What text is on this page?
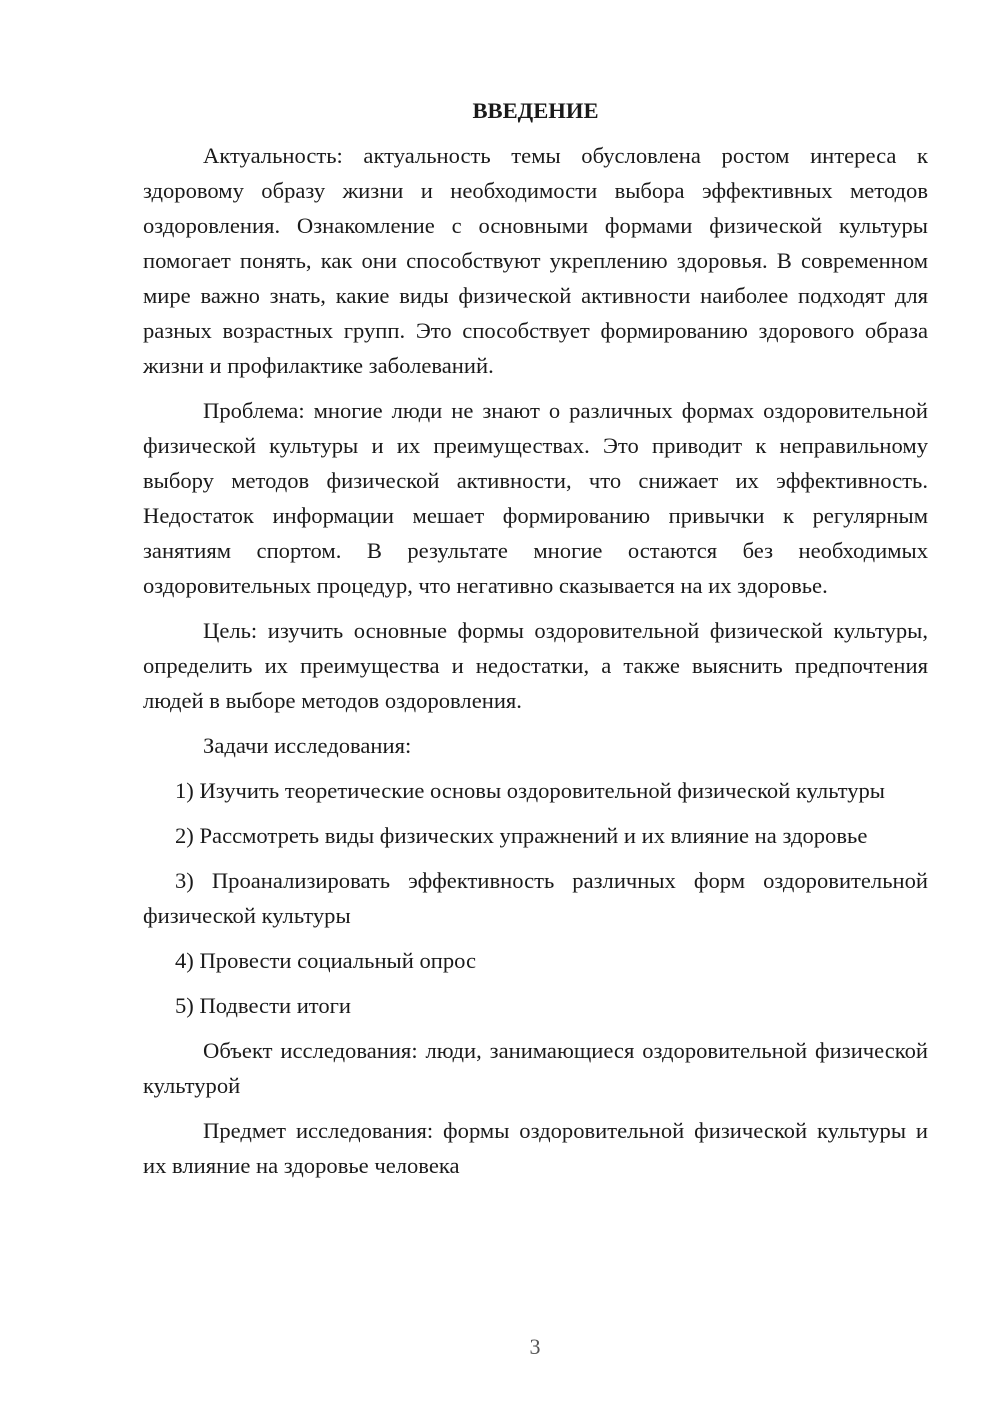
ВВЕДЕНИЕ

Актуальность: актуальность темы обусловлена ростом интереса к здоровому образу жизни и необходимости выбора эффективных методов оздоровления. Ознакомление с основными формами физической культуры помогает понять, как они способствуют укреплению здоровья. В современном мире важно знать, какие виды физической активности наиболее подходят для разных возрастных групп. Это способствует формированию здорового образа жизни и профилактике заболеваний.

Проблема: многие люди не знают о различных формах оздоровительной физической культуры и их преимуществах. Это приводит к неправильному выбору методов физической активности, что снижает их эффективность. Недостаток информации мешает формированию привычки к регулярным занятиям спортом. В результате многие остаются без необходимых оздоровительных процедур, что негативно сказывается на их здоровье.

Цель: изучить основные формы оздоровительной физической культуры, определить их преимущества и недостатки, а также выяснить предпочтения людей в выборе методов оздоровления.

Задачи исследования:

1) Изучить теоретические основы оздоровительной физической культуры

2) Рассмотреть виды физических упражнений и их влияние на здоровье

3) Проанализировать эффективность различных форм оздоровительной физической культуры

4) Провести социальный опрос

5) Подвести итоги

Объект исследования: люди, занимающиеся оздоровительной физической культурой

Предмет исследования: формы оздоровительной физической культуры и их влияние на здоровье человека

3
